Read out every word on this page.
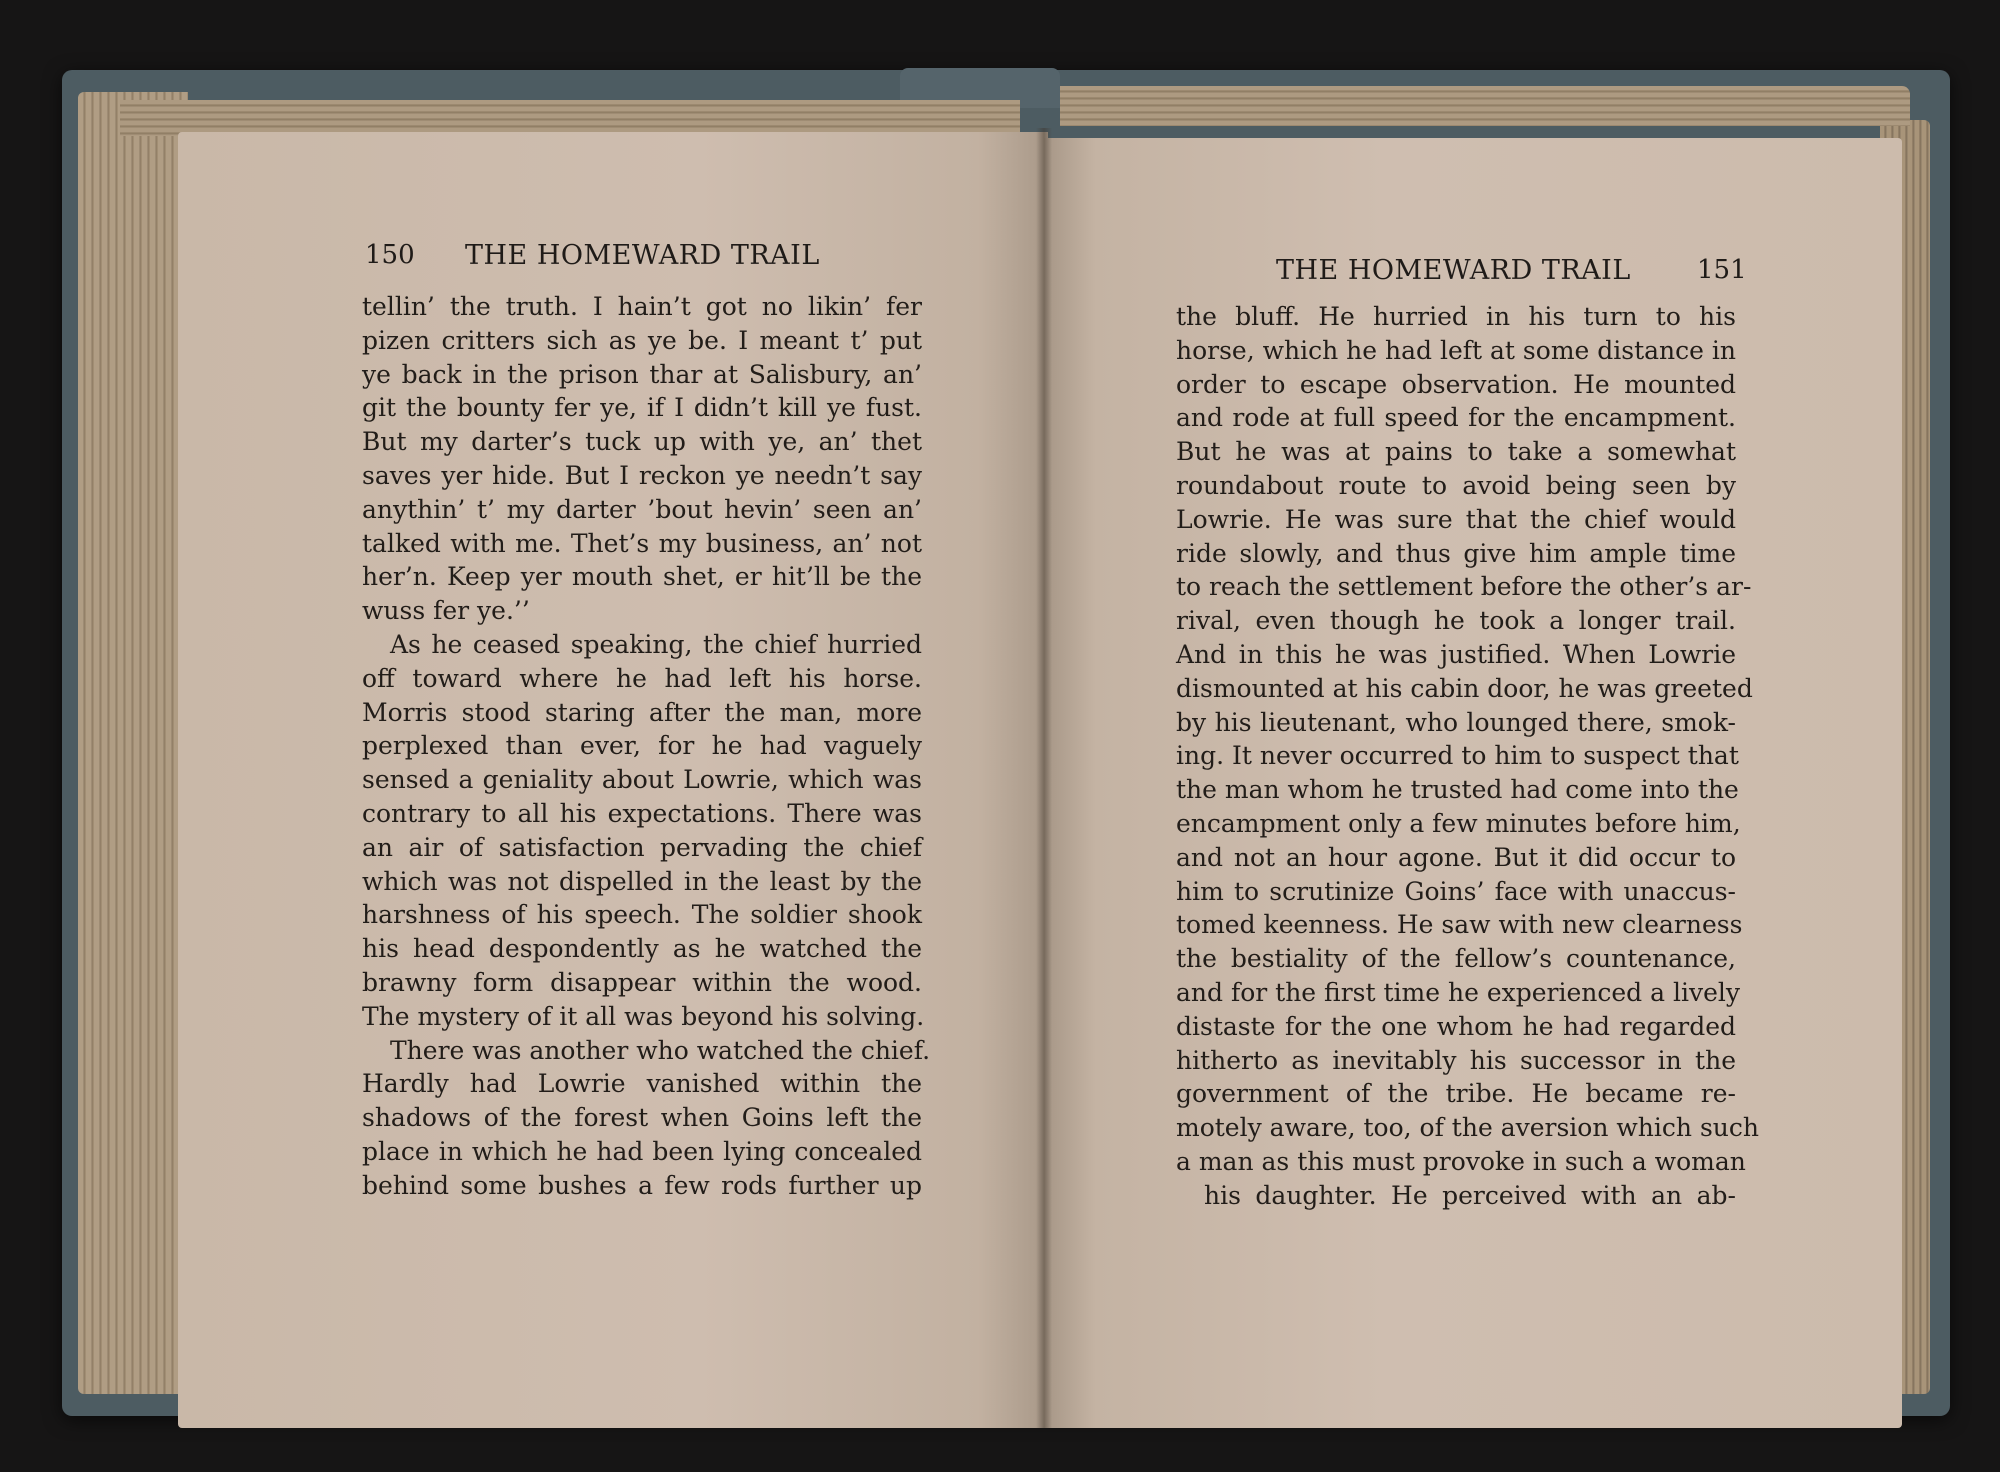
150 THE HOMEWARD TRAIL	THE HOMEWARD TRAIL	151
tellin’ the truth. I hain’t got no likin’ fer
pizen critters sich as ye be. I meant t’ put
ye back in the prison thar at Salisbury, an’
git the bounty fer ye, if I didn’t kill ye fust.
But my darter’s tuck up with ye, an’ thet
saves yer hide. But I reckon ye needn’t say
anythin’ t’ my darter ’bout hevin’ seen an’
talked with me. Thet’s my business, an’ not
her’n. Keep yer mouth shet, er hit’ll be the
wuss fer ye.’’
As he ceased speaking, the chief hurried
off toward where he had left his horse.
Morris stood staring after the man, more
perplexed than ever, for he had vaguely
sensed a geniality about Lowrie, which was
contrary to all his expectations. There was
an air of satisfaction pervading the chief
which was not dispelled in the least by the
harshness of his speech. The soldier shook
his head despondently as he watched the
brawny form disappear within the wood.
The mystery of it all was beyond his solving.
There was another who watched the chief.
Hardly had Lowrie vanished within the
shadows of the forest when Goins left the
place in which he had been lying concealed
behind some bushes a few rods further up
the bluff. He hurried in his turn to his
horse, which he had left at some distance in
order to escape observation. He mounted
and rode at full speed for the encampment.
But he was at pains to take a somewhat
roundabout route to avoid being seen by
Lowrie. He was sure that the chief would
ride slowly, and thus give him ample time
to reach the settlement before the other’s ar-
rival, even though he took a longer trail.
And in this he was justified. When Lowrie
dismounted at his cabin door, he was greeted
by his lieutenant, who lounged there, smok-
ing. It never occurred to him to suspect that
the man whom he trusted had come into the
encampment only a few minutes before him,
and not an hour agone. But it did occur to
him to scrutinize Goins’ face with unaccus-
tomed keenness. He saw with new clearness
the bestiality of the fellow’s countenance,
and for the first time he experienced a lively
distaste for the one whom he had regarded
hitherto as inevitably his successor in the
government of the tribe. He became re-
motely aware, too, of the aversion which such
a man as this must provoke in such a woman
his daughter. He perceived with an ab-
